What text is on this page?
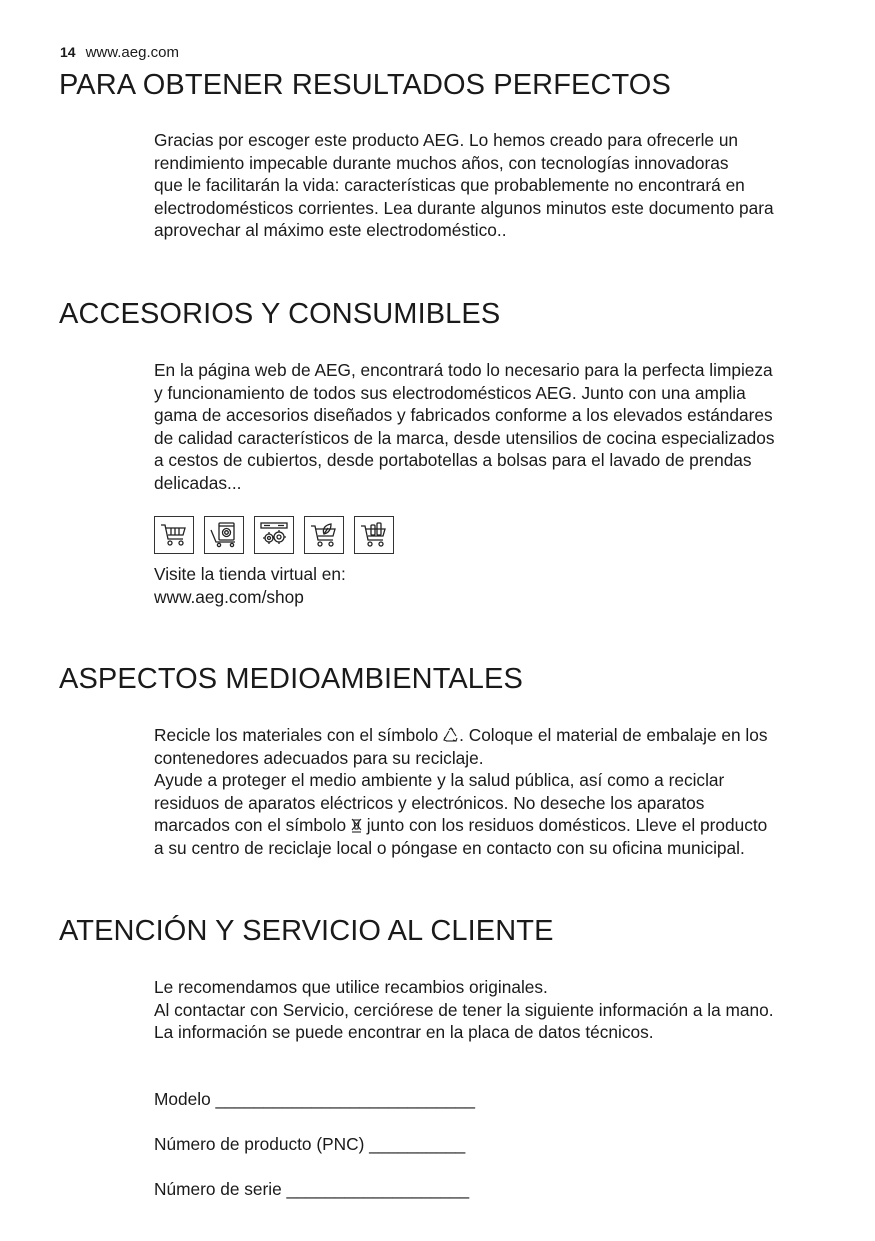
14 www.aeg.com
PARA OBTENER RESULTADOS PERFECTOS

Gracias por escoger este producto AEG. Lo hemos creado para ofrecerle un

rendimiento impecable durante muchos años, con tecnologías innovadoras

que le facilitarán la vida: características que probablemente no encontrará en

electrodomésticos corrientes. Lea durante algunos minutos este documento para

aprovechar al máximo este electrodoméstico..

ACCESORIOS Y CONSUMIBLES

En la página web de AEG, encontrará todo lo necesario para la perfecta limpieza

y funcionamiento de todos sus electrodomésticos AEG. Junto con una amplia

gama de accesorios diseñados y fabricados conforme a los elevados estándares

de calidad característicos de la marca, desde utensilios de cocina especializados

a cestos de cubiertos, desde portabotellas a bolsas para el lavado de prendas

delicadas...

Visite la tienda virtual en:

www.aeg.com/shop

ASPECTOS MEDIOAMBIENTALES

Recicle los materiales con el símbolo . Coloque el material de embalaje en los

contenedores adecuados para su reciclaje.

Ayude a proteger el medio ambiente y la salud pública, así como a reciclar

residuos de aparatos eléctricos y electrónicos. No deseche los aparatos

marcados con el símbolo  junto con los residuos domésticos. Lleve el producto

a su centro de reciclaje local o póngase en contacto con su oficina municipal.

ATENCIÓN Y SERVICIO AL CLIENTE

Le recomendamos que utilice recambios originales.

Al contactar con Servicio, cerciórese de tener la siguiente información a la mano.

La información se puede encontrar en la placa de datos técnicos.

Modelo ___________________________
Número de producto (PNC) __________
Número de serie ___________________
